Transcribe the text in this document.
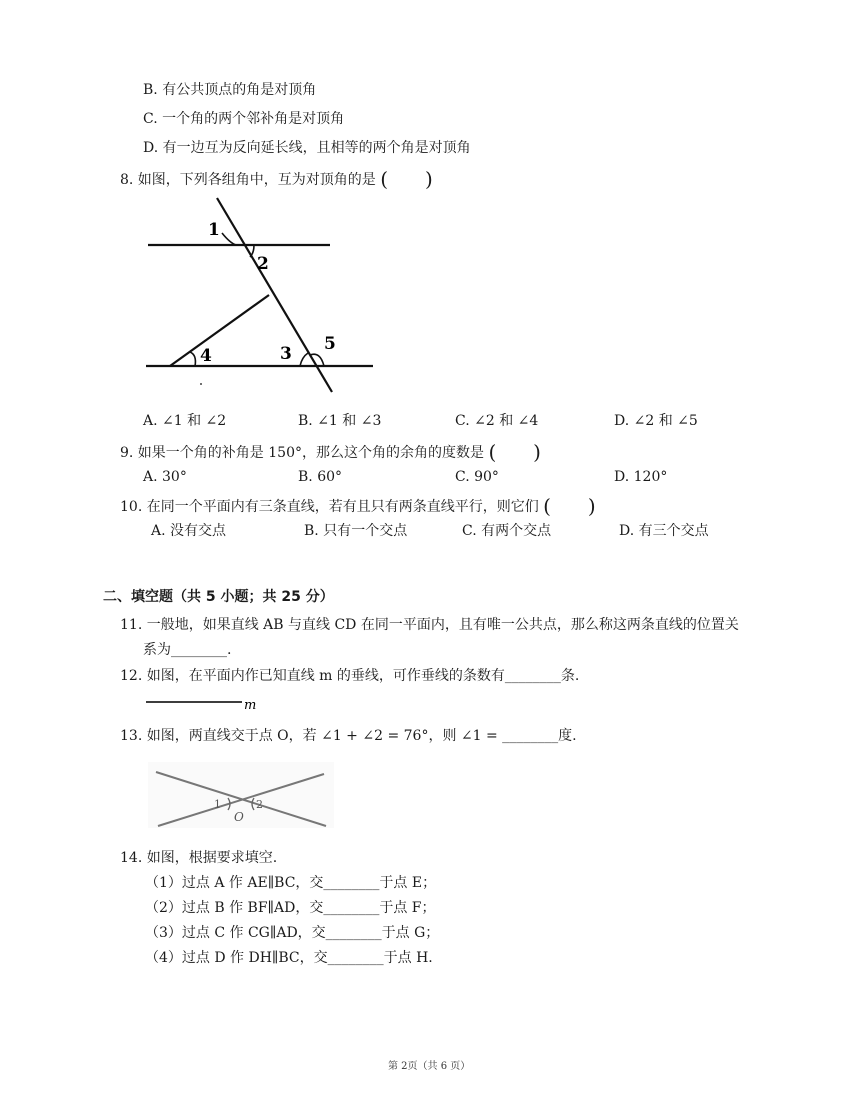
B. 有公共顶点的角是对顶角
C. 一个角的两个邻补角是对顶角
D. 有一边互为反向延长线，且相等的两个角是对顶角
8. 如图，下列各组角中，互为对顶角的是 ( )
1
2
3
4
5
A. ∠1 和 ∠2	B. ∠1 和 ∠3	C. ∠2 和 ∠4	D. ∠2 和 ∠5
9. 如果一个角的补角是 150°，那么这个角的余角的度数是 ( )
A. 30°	B. 60°	C. 90°	D. 120°
10. 在同一个平面内有三条直线，若有且只有两条直线平行，则它们 ( )
A. 没有交点	B. 只有一个交点	C. 有两个交点	D. 有三个交点
二、填空题（共 5 小题；共 25 分）
11. 一般地，如果直线 AB 与直线 CD 在同一平面内，且有唯一公共点，那么称这两条直线的位置关
系为________.
12. 如图，在平面内作已知直线 m 的垂线，可作垂线的条数有________条.
m
13. 如图，两直线交于点 O，若 ∠1 + ∠2 = 76°，则 ∠1 = ________度.
1	2
O
14. 如图，根据要求填空.
（1）过点 A 作 AE∥BC，交________于点 E；
（2）过点 B 作 BF∥AD，交________于点 F；
（3）过点 C 作 CG∥AD，交________于点 G；
（4）过点 D 作 DH∥BC，交________于点 H.
第 2页（共 6 页）
